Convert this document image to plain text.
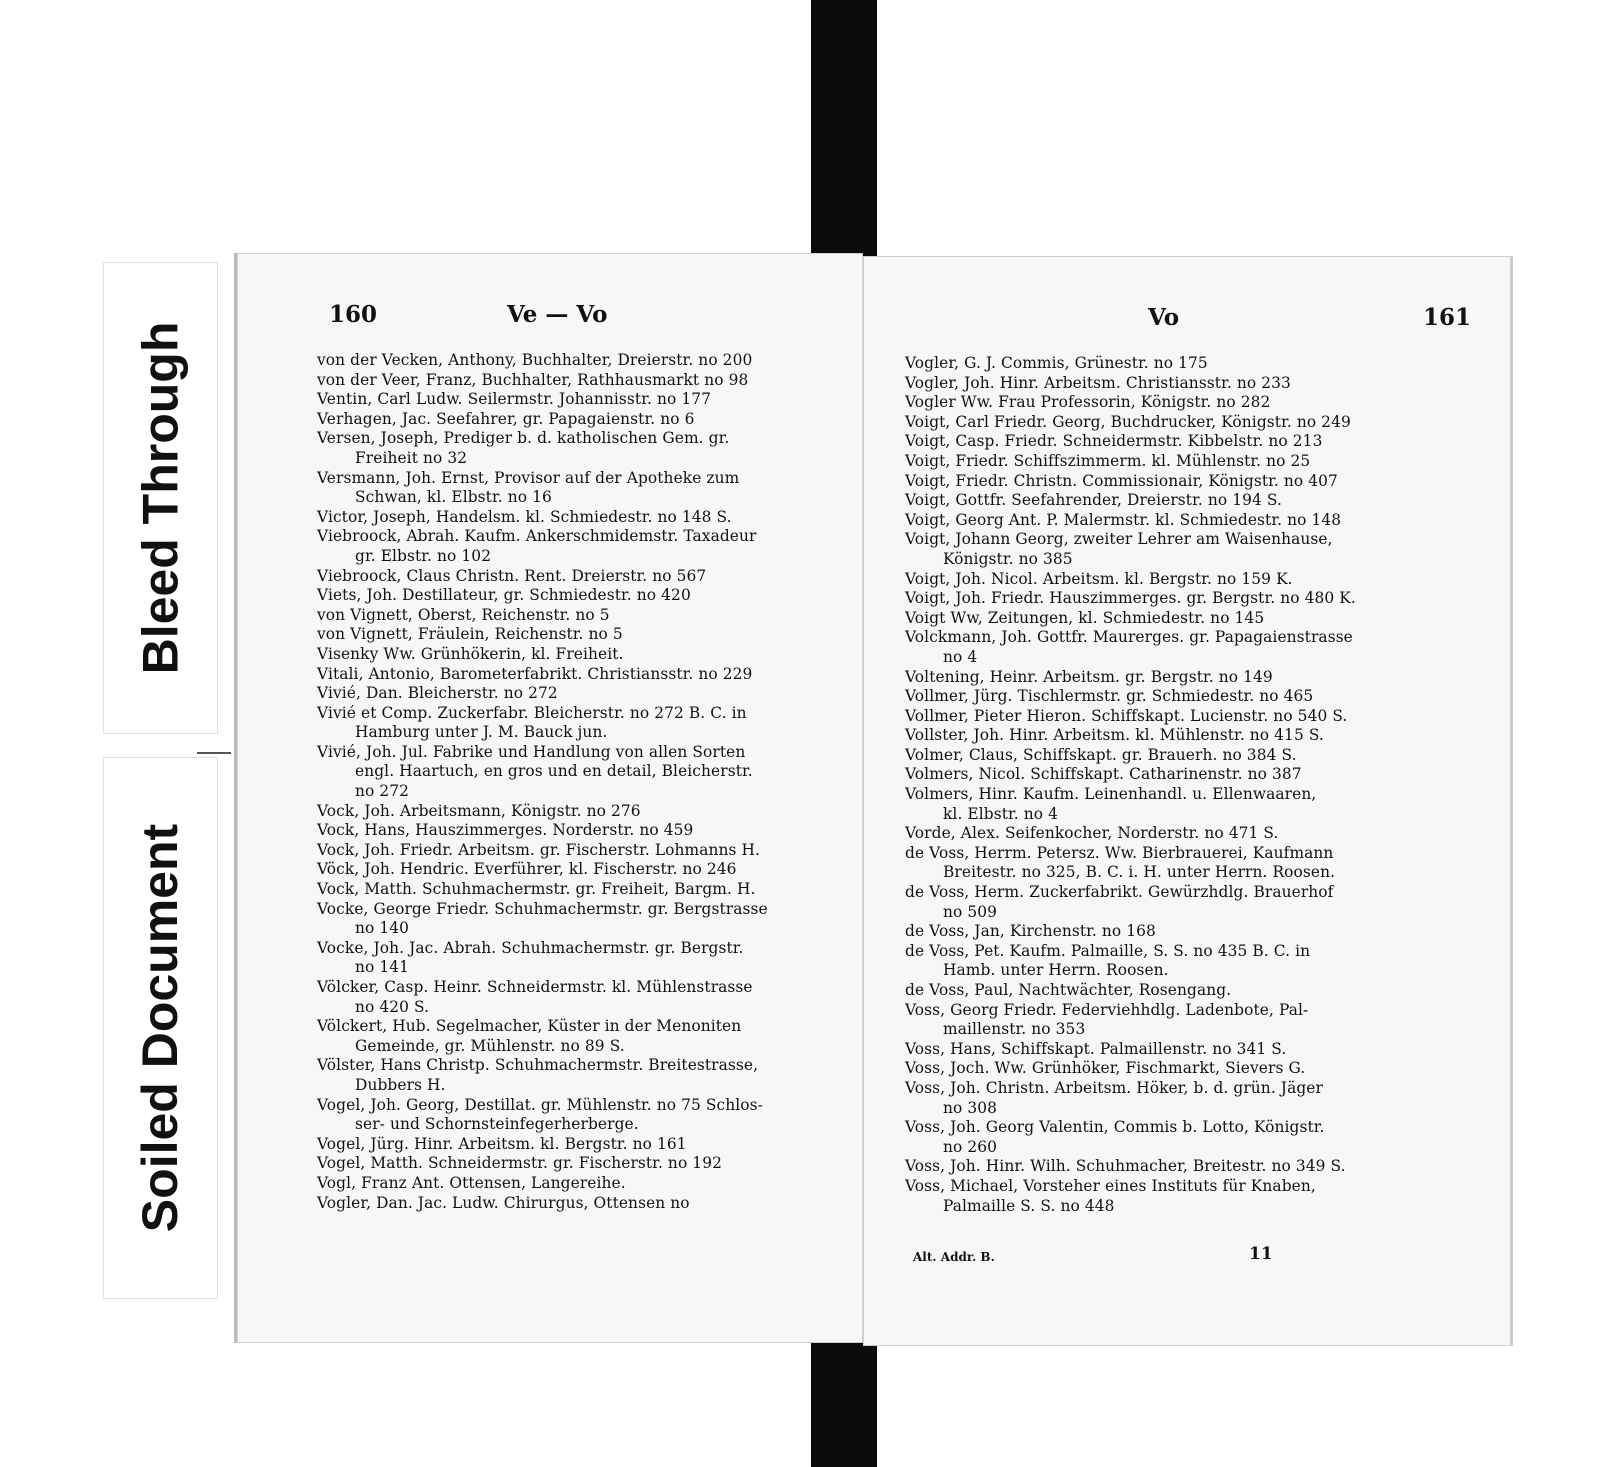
Bleed Through
Soiled Document
160	Ve — Vo
von der Vecken, Anthony, Buchhalter, Dreierstr. no 200
von der Veer, Franz, Buchhalter, Rathhausmarkt no 98
Ventin, Carl Ludw. Seilermstr. Johannisstr. no 177
Verhagen, Jac. Seefahrer, gr. Papagaienstr. no 6
Versen, Joseph, Prediger b. d. katholischen Gem. gr.
Freiheit no 32
Versmann, Joh. Ernst, Provisor auf der Apotheke zum
Schwan, kl. Elbstr. no 16
Victor, Joseph, Handelsm. kl. Schmiedestr. no 148 S.
Viebroock, Abrah. Kaufm. Ankerschmidemstr. Taxadeur
gr. Elbstr. no 102
Viebroock, Claus Christn. Rent. Dreierstr. no 567
Viets, Joh. Destillateur, gr. Schmiedestr. no 420
von Vignett, Oberst, Reichenstr. no 5
von Vignett, Fräulein, Reichenstr. no 5
Visenky Ww. Grünhökerin, kl. Freiheit.
Vitali, Antonio, Barometerfabrikt. Christiansstr. no 229
Vivié, Dan. Bleicherstr. no 272
Vivié et Comp. Zuckerfabr. Bleicherstr. no 272 B. C. in
Hamburg unter J. M. Bauck jun.
Vivié, Joh. Jul. Fabrike und Handlung von allen Sorten
engl. Haartuch, en gros und en detail, Bleicherstr.
no 272
Vock, Joh. Arbeitsmann, Königstr. no 276
Vock, Hans, Hauszimmerges. Norderstr. no 459
Vock, Joh. Friedr. Arbeitsm. gr. Fischerstr. Lohmanns H.
Vöck, Joh. Hendric. Everführer, kl. Fischerstr. no 246
Vock, Matth. Schuhmachermstr. gr. Freiheit, Bargm. H.
Vocke, George Friedr. Schuhmachermstr. gr. Bergstrasse
no 140
Vocke, Joh. Jac. Abrah. Schuhmachermstr. gr. Bergstr.
no 141
Völcker, Casp. Heinr. Schneidermstr. kl. Mühlenstrasse
no 420 S.
Völckert, Hub. Segelmacher, Küster in der Menoniten
Gemeinde, gr. Mühlenstr. no 89 S.
Völster, Hans Christp. Schuhmachermstr. Breitestrasse,
Dubbers H.
Vogel, Joh. Georg, Destillat. gr. Mühlenstr. no 75 Schlos-
ser- und Schornsteinfegerherberge.
Vogel, Jürg. Hinr. Arbeitsm. kl. Bergstr. no 161
Vogel, Matth. Schneidermstr. gr. Fischerstr. no 192
Vogl, Franz Ant. Ottensen, Langereihe.
Vogler, Dan. Jac. Ludw. Chirurgus, Ottensen no
Vo	161
Vogler, G. J. Commis, Grünestr. no 175
Vogler, Joh. Hinr. Arbeitsm. Christiansstr. no 233
Vogler Ww. Frau Professorin, Königstr. no 282
Voigt, Carl Friedr. Georg, Buchdrucker, Königstr. no 249
Voigt, Casp. Friedr. Schneidermstr. Kibbelstr. no 213
Voigt, Friedr. Schiffszimmerm. kl. Mühlenstr. no 25
Voigt, Friedr. Christn. Commissionair, Königstr. no 407
Voigt, Gottfr. Seefahrender, Dreierstr. no 194 S.
Voigt, Georg Ant. P. Malermstr. kl. Schmiedestr. no 148
Voigt, Johann Georg, zweiter Lehrer am Waisenhause,
Königstr. no 385
Voigt, Joh. Nicol. Arbeitsm. kl. Bergstr. no 159 K.
Voigt, Joh. Friedr. Hauszimmerges. gr. Bergstr. no 480 K.
Voigt Ww, Zeitungen, kl. Schmiedestr. no 145
Volckmann, Joh. Gottfr. Maurerges. gr. Papagaienstrasse
no 4
Voltening, Heinr. Arbeitsm. gr. Bergstr. no 149
Vollmer, Jürg. Tischlermstr. gr. Schmiedestr. no 465
Vollmer, Pieter Hieron. Schiffskapt. Lucienstr. no 540 S.
Vollster, Joh. Hinr. Arbeitsm. kl. Mühlenstr. no 415 S.
Volmer, Claus, Schiffskapt. gr. Brauerh. no 384 S.
Volmers, Nicol. Schiffskapt. Catharinenstr. no 387
Volmers, Hinr. Kaufm. Leinenhandl. u. Ellenwaaren,
kl. Elbstr. no 4
Vorde, Alex. Seifenkocher, Norderstr. no 471 S.
de Voss, Herrm. Petersz. Ww. Bierbrauerei, Kaufmann
Breitestr. no 325, B. C. i. H. unter Herrn. Roosen.
de Voss, Herm. Zuckerfabrikt. Gewürzhdlg. Brauerhof
no 509
de Voss, Jan, Kirchenstr. no 168
de Voss, Pet. Kaufm. Palmaille, S. S. no 435 B. C. in
Hamb. unter Herrn. Roosen.
de Voss, Paul, Nachtwächter, Rosengang.
Voss, Georg Friedr. Federviehhdlg. Ladenbote, Pal-
maillenstr. no 353
Voss, Hans, Schiffskapt. Palmaillenstr. no 341 S.
Voss, Joch. Ww. Grünhöker, Fischmarkt, Sievers G.
Voss, Joh. Christn. Arbeitsm. Höker, b. d. grün. Jäger
no 308
Voss, Joh. Georg Valentin, Commis b. Lotto, Königstr.
no 260
Voss, Joh. Hinr. Wilh. Schuhmacher, Breitestr. no 349 S.
Voss, Michael, Vorsteher eines Instituts für Knaben,
Palmaille S. S. no 448
Alt. Addr. B.	11
